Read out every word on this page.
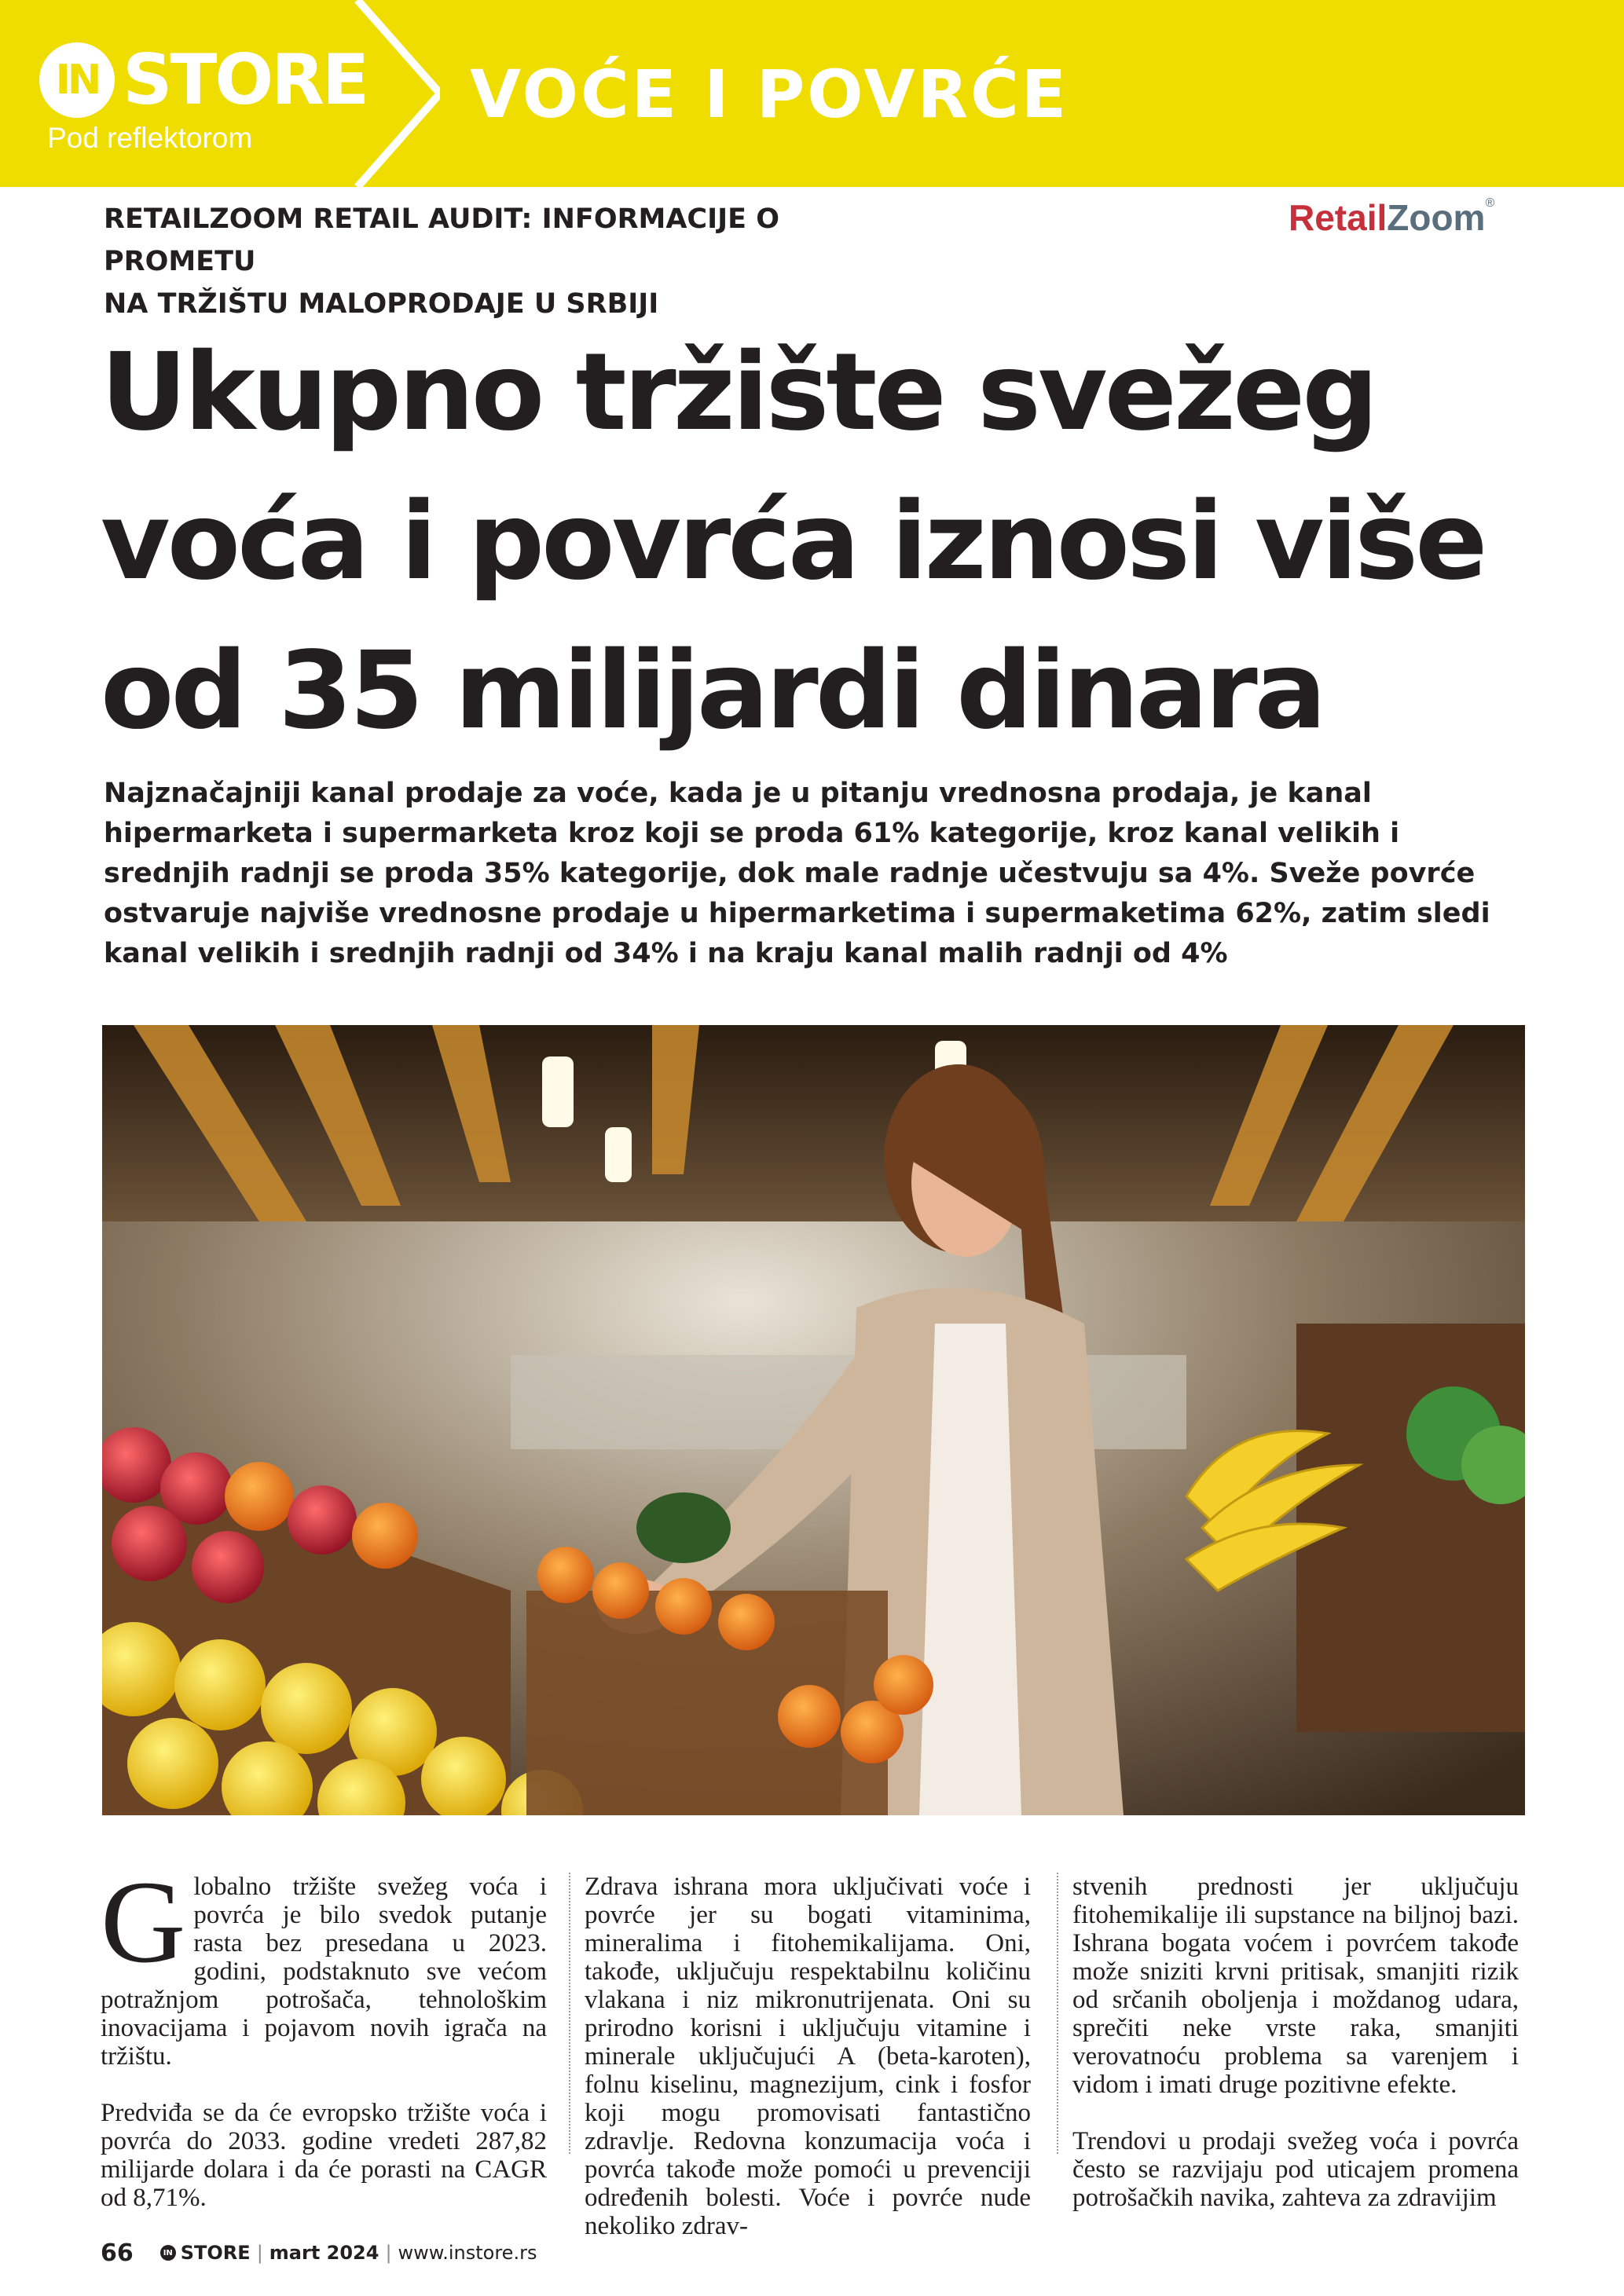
IN STORE
Pod reflektorom
VOĆE I POVRĆE
RETAILZOOM RETAIL AUDIT: INFORMACIJE O PROMETU
NA TRŽIŠTU MALOPRODAJE U SRBIJI
RetailZoom®
Ukupno tržište svežeg
voća i povrća iznosi više
od 35 milijardi dinara

Najznačajniji kanal prodaje za voće, kada je u pitanju vrednosna prodaja, je kanal hipermarketa i supermarketa kroz koji se proda 61% kategorije, kroz kanal velikih i srednjih radnji se proda 35% kategorije, dok male radnje učestvuju sa 4%. Sveže povrće ostvaruje najviše vrednosne prodaje u hipermarketima i supermaketima 62%, zatim sledi kanal velikih i srednjih radnji od 34% i na kraju kanal malih radnji od 4%

Globalno tržište svežeg voća i povrća je bilo svedok putanje rasta bez presedana u 2023. godini, podstaknuto sve većom potražnjom potrošača, tehnološkim inovacijama i pojavom novih igrača na tržištu.

Predviđa se da će evropsko tržište voća i povrća do 2033. godine vredeti 287,82 milijarde dolara i da će porasti na CAGR od 8,71%.

Zdrava ishrana mora uključivati voće i povrće jer su bogati vitaminima, mineralima i fitohemikalijama. Oni, takođe, uključuju respektabilnu količinu vlakana i niz mikronutrijenata. Oni su prirodno korisni i uključuju vitamine i minerale uključujući A (beta-karoten), folnu kiselinu, magnezijum, cink i fosfor koji mogu promovisati fantastično zdravlje. Redovna konzumacija voća i povrća takođe može pomoći u prevenciji određenih bolesti. Voće i povrće nude nekoliko zdrav-

stvenih prednosti jer uključuju fitohemikalije ili supstance na biljnoj bazi. Ishrana bogata voćem i povrćem takođe može sniziti krvni pritisak, smanjiti rizik od srčanih oboljenja i moždanog udara, sprečiti neke vrste raka, smanjiti verovatnoću problema sa varenjem i vidom i imati druge pozitivne efekte.

Trendovi u prodaji svežeg voća i povrća često se razvijaju pod uticajem promena potrošačkih navika, zahteva za zdravijim

66	IN STORE | mart 2024 | www.instore.rs
